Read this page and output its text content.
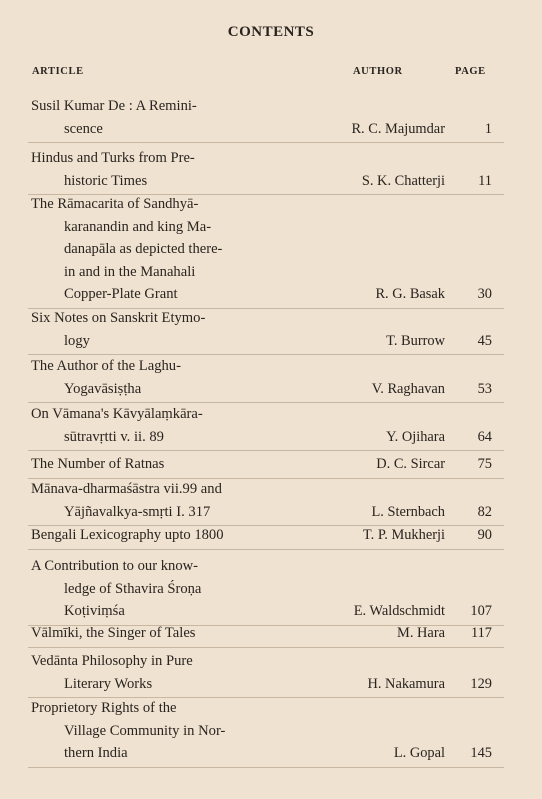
CONTENTS
ARTICLE	AUTHOR	PAGE
Susil Kumar De : A Remini-
scence	R. C. Majumdar	1
Hindus and Turks from Pre-
historic Times	S. K. Chatterji	11
The Rāmacarita of Sandhyā-
karanandin and king Ma-
danapāla as depicted there-
in and in the Manahali
Copper-Plate Grant	R. G. Basak	30
Six Notes on Sanskrit Etymo-
logy	T. Burrow	45
The Author of the Laghu-
Yogavāsiṣṭha	V. Raghavan	53
On Vāmana's Kāvyālaṃkāra-
sūtravṛtti v. ii. 89	Y. Ojihara	64
The Number of Ratnas	D. C. Sircar	75
Mānava-dharmaśāstra vii.99 and
Yājñavalkya-smṛti I. 317	L. Sternbach	82
Bengali Lexicography upto 1800	T. P. Mukherji	90
A Contribution to our know-
ledge of Sthavira Śroṇa
Koṭiviṃśa	E. Waldschmidt	107
Vālmīki, the Singer of Tales	M. Hara	117
Vedānta Philosophy in Pure
Literary Works	H. Nakamura	129
Proprietory Rights of the
Village Community in Nor-
thern India	L. Gopal	145
